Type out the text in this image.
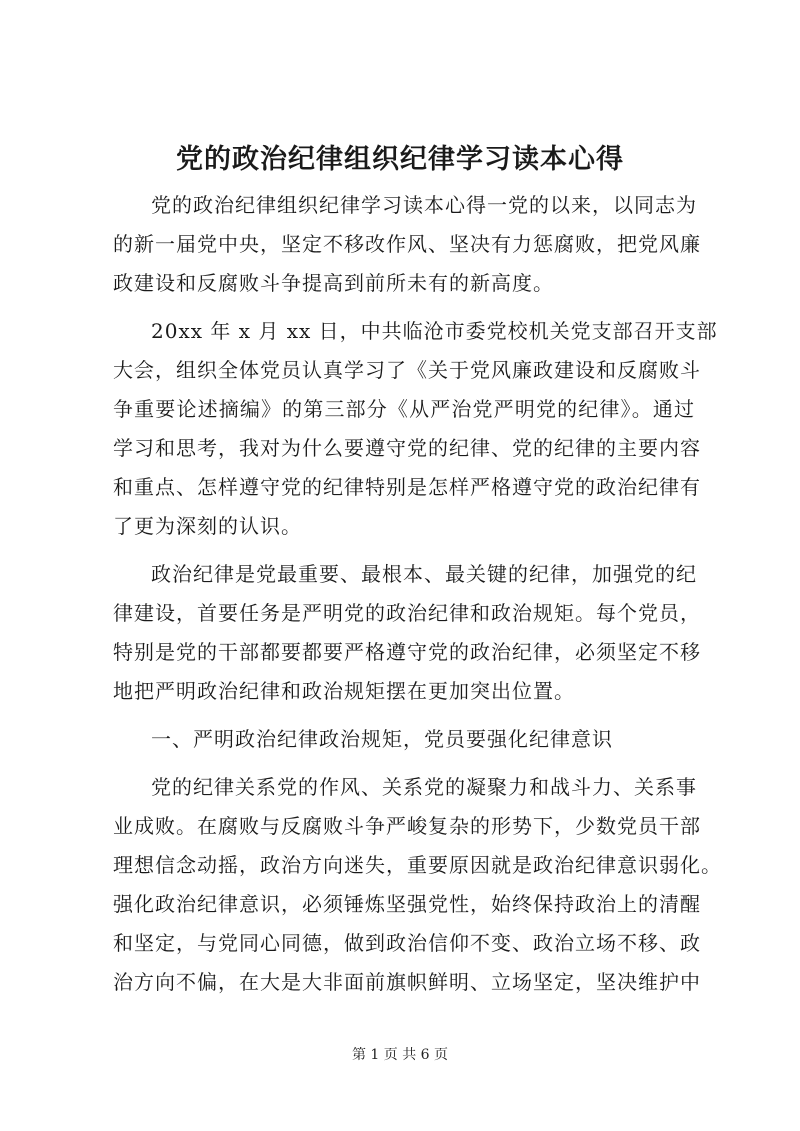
党的政治纪律组织纪律学习读本心得
党的政治纪律组织纪律学习读本心得一党的以来，以同志为
的新一届党中央，坚定不移改作风、坚决有力惩腐败，把党风廉
政建设和反腐败斗争提高到前所未有的新高度。
20xx 年 x 月 xx 日，中共临沧市委党校机关党支部召开支部
大会，组织全体党员认真学习了《关于党风廉政建设和反腐败斗
争重要论述摘编》的第三部分《从严治党严明党的纪律》。通过
学习和思考，我对为什么要遵守党的纪律、党的纪律的主要内容
和重点、怎样遵守党的纪律特别是怎样严格遵守党的政治纪律有
了更为深刻的认识。
政治纪律是党最重要、最根本、最关键的纪律，加强党的纪
律建设，首要任务是严明党的政治纪律和政治规矩。每个党员，
特别是党的干部都要都要严格遵守党的政治纪律，必须坚定不移
地把严明政治纪律和政治规矩摆在更加突出位置。
一、严明政治纪律政治规矩，党员要强化纪律意识
党的纪律关系党的作风、关系党的凝聚力和战斗力、关系事
业成败。在腐败与反腐败斗争严峻复杂的形势下，少数党员干部
理想信念动摇，政治方向迷失，重要原因就是政治纪律意识弱化。
强化政治纪律意识，必须锤炼坚强党性，始终保持政治上的清醒
和坚定，与党同心同德，做到政治信仰不变、政治立场不移、政
治方向不偏，在大是大非面前旗帜鲜明、立场坚定，坚决维护中
第 1 页 共 6 页
